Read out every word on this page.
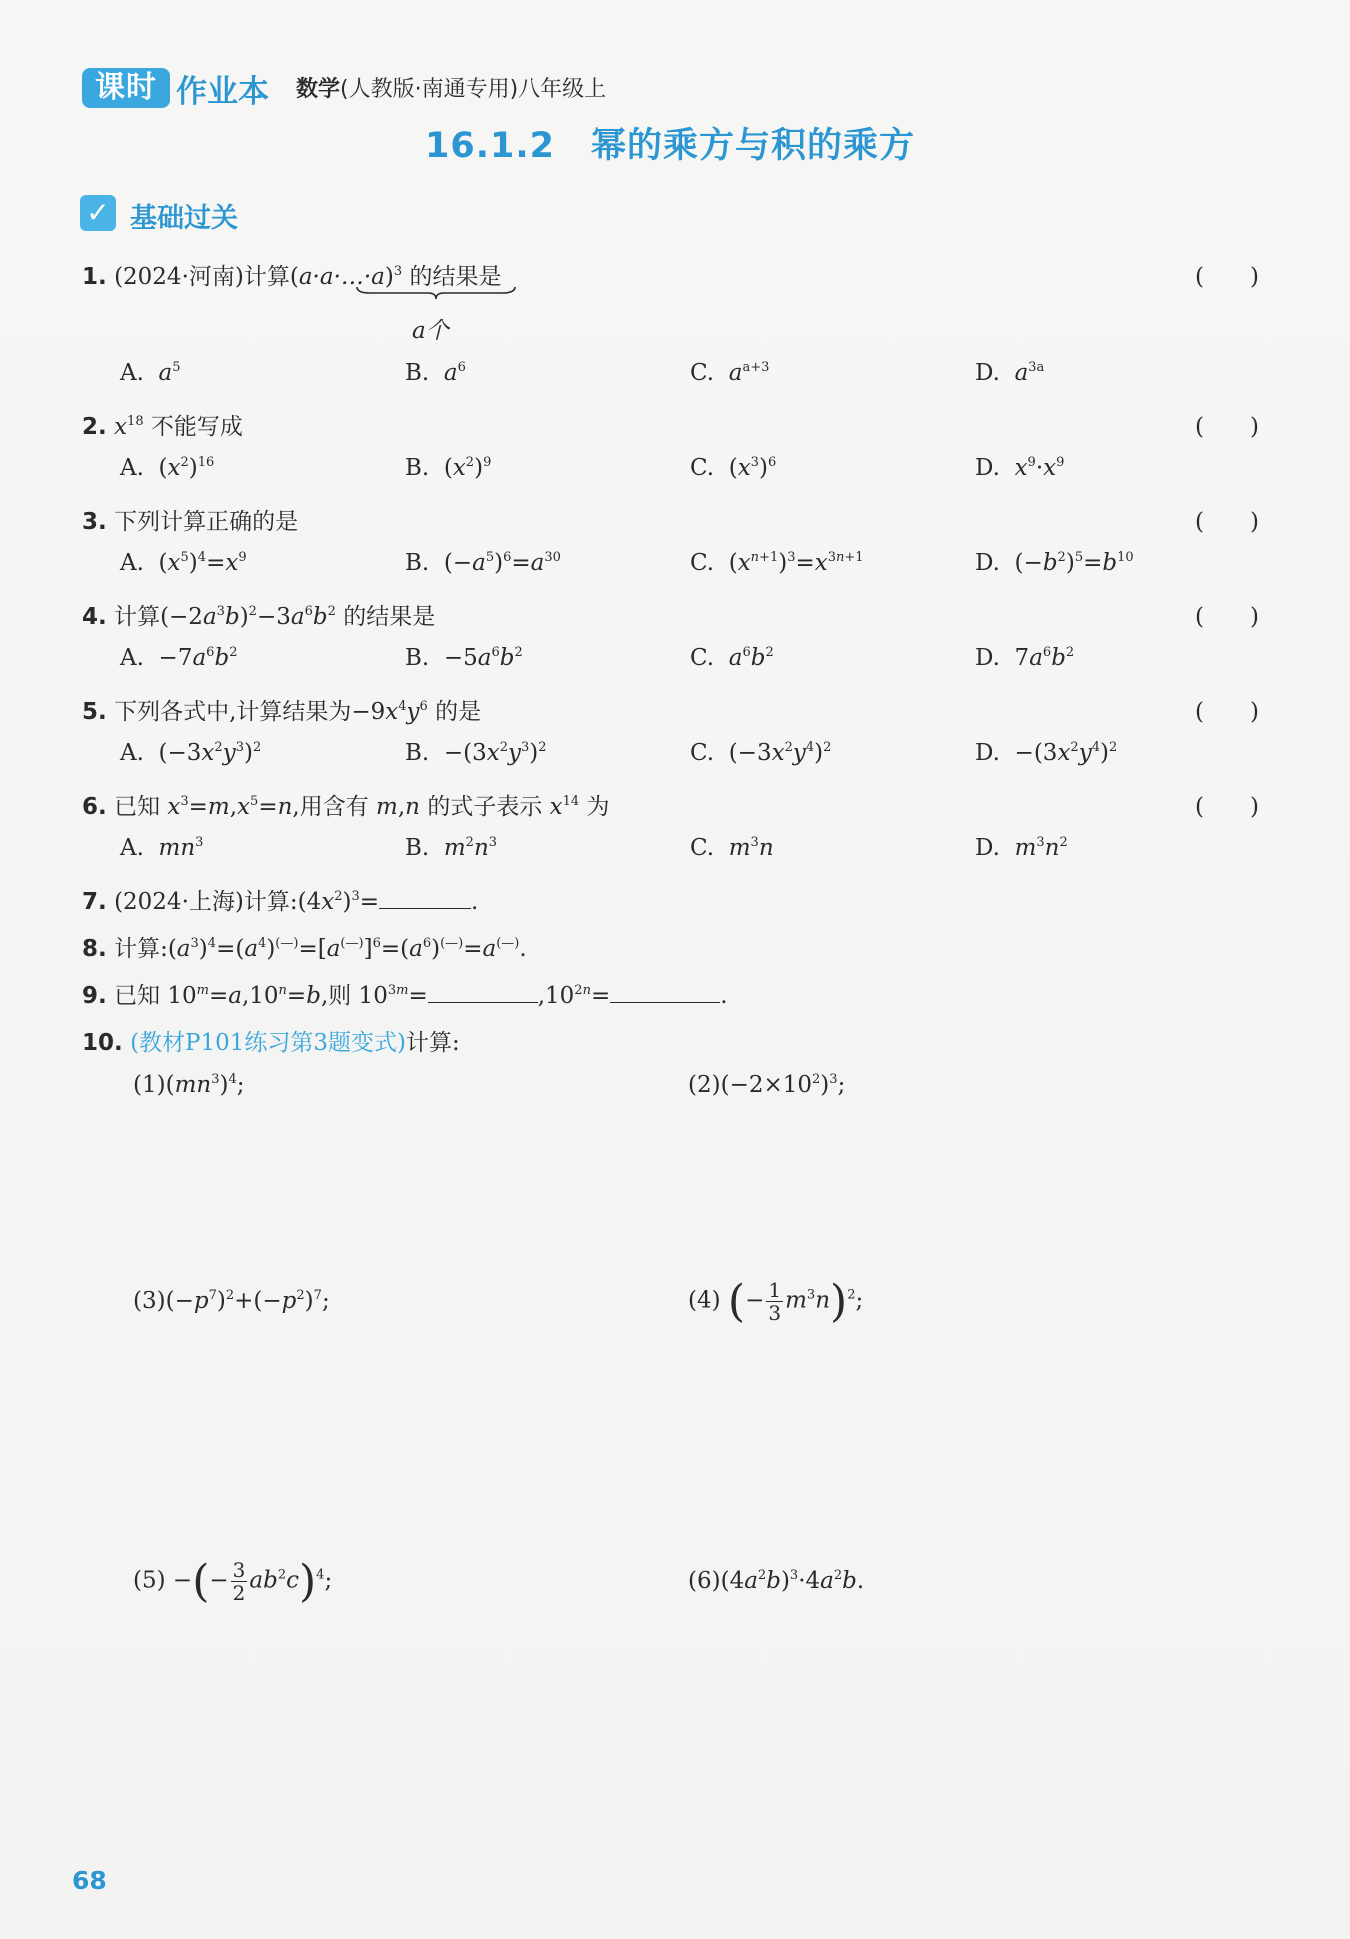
课时 作业本 数学(人教版·南通专用)八年级上
16.1.2　幂的乘方与积的乘方
✓ 基础过关
1. (2024·河南)计算(a·a·…·a)$^3$ 的结果是
a个
(　　)
A. $a^5$	B. $a^6$	C. $a^{a+3}$	D. $a^{3a}$
2. $x^{18}$ 不能写成	(　　)
A.  $(x^2)^{16}$	B.  $(x^2)^9$	C.  $(x^3)^6$	D.  $x^9\cdot x^9$
3. 下列计算正确的是	(　　)
A.  $(x^5)^4=x^9$	B.  $(-a^5)^6=a^{30}$	C.  $(x^{n+1})^3=x^{3n+1}$	D.  $(-b^2)^5=b^{10}$
4. 计算$(-2a^3b)^2-3a^6b^2$ 的结果是	(　　)
A.  $-7a^6b^2$	B.  $-5a^6b^2$	C.  $a^6b^2$	D.  $7a^6b^2$
5. 下列各式中,计算结果为$-9x^4y^6$ 的是	(　　)
A.  $(-3x^2y^3)^2$	B.  $-(3x^2y^3)^2$	C.  $(-3x^2y^4)^2$	D.  $-(3x^2y^4)^2$
6. 已知 $x^3=m,x^5=n$,用含有 m,n 的式子表示 $x^{14}$ 为	(　　)
A.  $mn^3$	B.  $m^2n^3$	C.  $m^3n$	D.  $m^3n^2$
7. (2024·上海)计算$:(4x^2)^3=$	.
8. 计算$:(a^3)^4=(a^4)^{(—)}=[a^{(—)}]^6=(a^6)^{(—)}=a^{(—)}$.
9. 已知 $10^m=a,10^n=b$,则 $10^{3m}=$	$,10^{2n}=$	.
10. (教材P101练习第3题变式)计算:
$(1)(mn^3)^4$;	$(2)(-2\times 10^2)^3$;
$(3)(-p^7)^2+(-p^2)^7$;	(4) (− $\frac{1}{3} m^3n)^2$;
(5) −(− $\frac{3}{2} ab^2c)^4$;	$(6)(4a^2b)^3\cdot 4a^2b$.
68
